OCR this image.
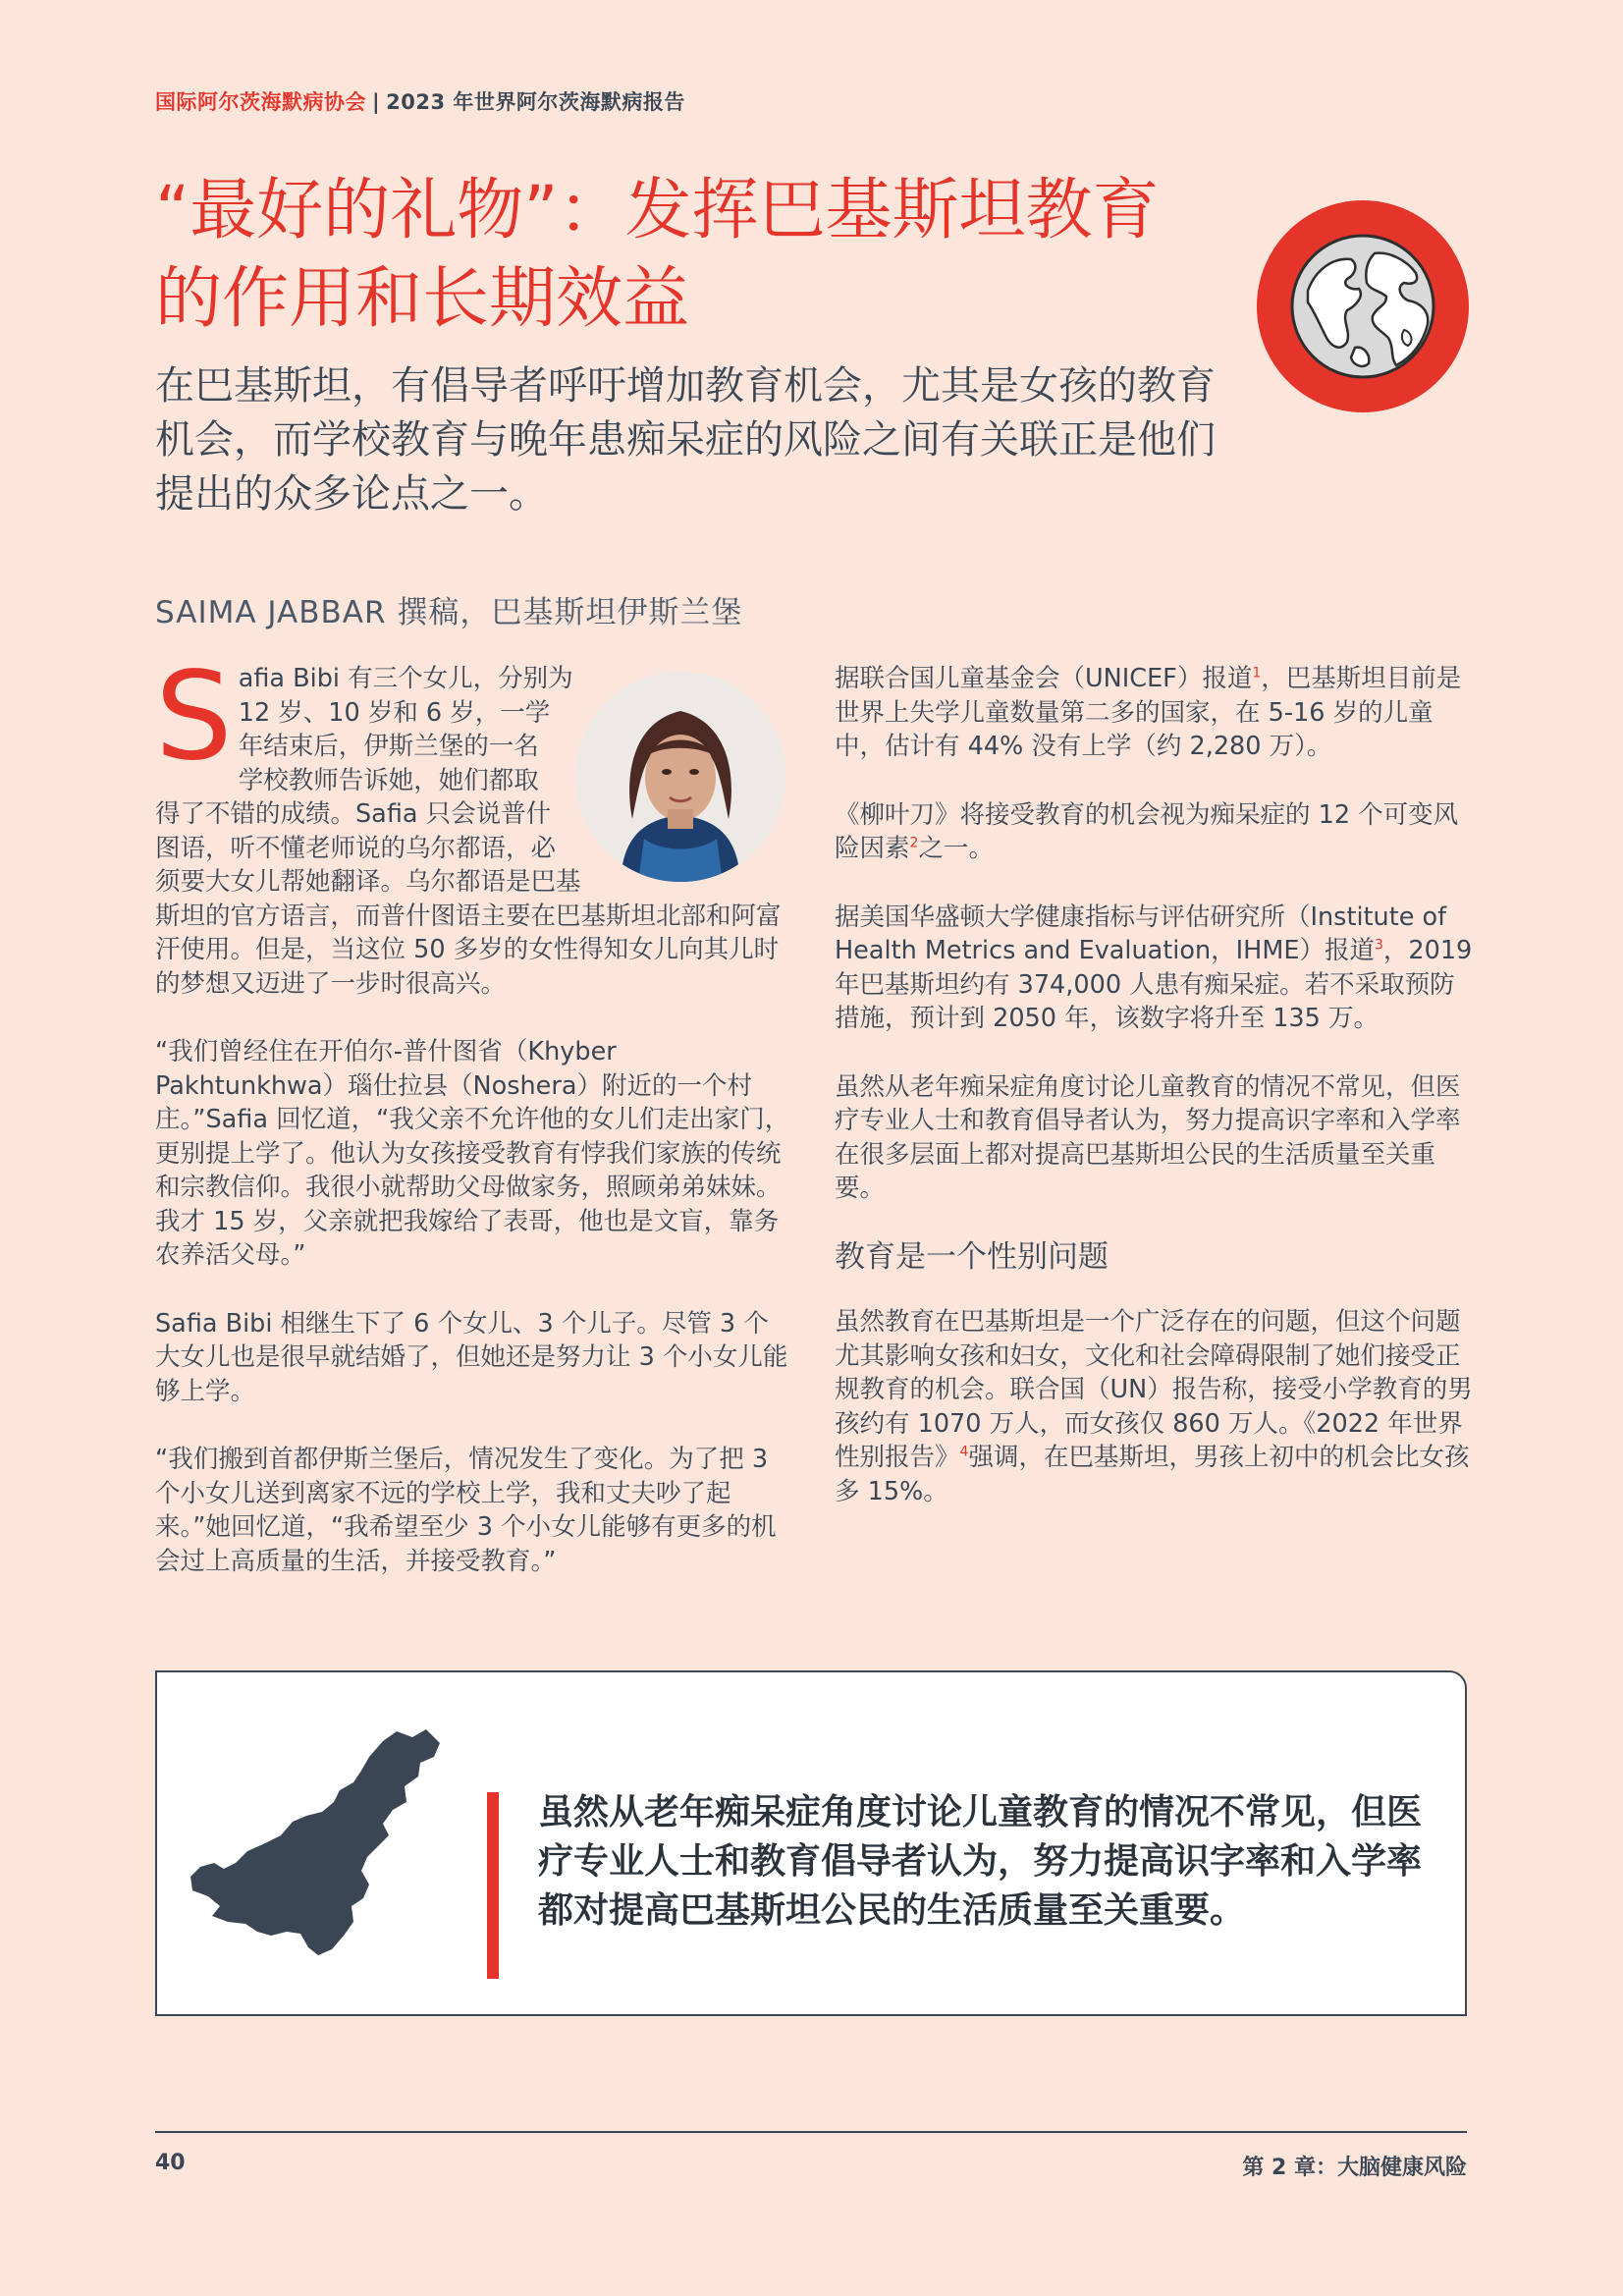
国际阿尔茨海默病协会 | 2023 年世界阿尔茨海默病报告
“最好的礼物”：发挥巴基斯坦教育的作用和长期效益
在巴基斯坦，有倡导者呼吁增加教育机会，尤其是女孩的教育机会，而学校教育与晚年患痴呆症的风险之间有关联正是他们提出的众多论点之一。
SAIMA JABBAR 撰稿，巴基斯坦伊斯兰堡

Safia Bibi 有三个女儿，分别为 12 岁、10 岁和 6 岁，一学年结束后，伊斯兰堡的一名学校教师告诉她，她们都取得了不错的成绩。Safia 只会说普什图语，听不懂老师说的乌尔都语，必须要大女儿帮她翻译。乌尔都语是巴基斯坦的官方语言，而普什图语主要在巴基斯坦北部和阿富汗使用。但是，当这位 50 多岁的女性得知女儿向其儿时的梦想又迈进了一步时很高兴。

“我们曾经住在开伯尔-普什图省（Khyber Pakhtunkhwa）瑙仕拉县（Noshera）附近的一个村庄。”Safia 回忆道，“我父亲不允许他的女儿们走出家门，更别提上学了。他认为女孩接受教育有悖我们家族的传统和宗教信仰。我很小就帮助父母做家务，照顾弟弟妹妹。我才 15 岁，父亲就把我嫁给了表哥，他也是文盲，靠务农养活父母。”

Safia Bibi 相继生下了 6 个女儿、3 个儿子。尽管 3 个大女儿也是很早就结婚了，但她还是努力让 3 个小女儿能够上学。

“我们搬到首都伊斯兰堡后，情况发生了变化。为了把 3 个小女儿送到离家不远的学校上学，我和丈夫吵了起来。”她回忆道，“我希望至少 3 个小女儿能够有更多的机会过上高质量的生活，并接受教育。”

据联合国儿童基金会（UNICEF）报道$^1$，巴基斯坦目前是世界上失学儿童数量第二多的国家，在 5-16 岁的儿童中，估计有 44% 没有上学（约 2,280 万）。

《柳叶刀》将接受教育的机会视为痴呆症的 12 个可变风险因素$^2$之一。

据美国华盛顿大学健康指标与评估研究所（Institute of Health Metrics and Evaluation，IHME）报道$^3$，2019 年巴基斯坦约有 374,000 人患有痴呆症。若不采取预防措施，预计到 2050 年，该数字将升至 135 万。

虽然从老年痴呆症角度讨论儿童教育的情况不常见，但医疗专业人士和教育倡导者认为，努力提高识字率和入学率在很多层面上都对提高巴基斯坦公民的生活质量至关重要。

教育是一个性别问题

虽然教育在巴基斯坦是一个广泛存在的问题，但这个问题尤其影响女孩和妇女，文化和社会障碍限制了她们接受正规教育的机会。联合国（UN）报告称，接受小学教育的男孩约有 1070 万人，而女孩仅 860 万人。《2022 年世界性别报告》$^4$强调，在巴基斯坦，男孩上初中的机会比女孩多 15%。

虽然从老年痴呆症角度讨论儿童教育的情况不常见，但医疗专业人士和教育倡导者认为，努力提高识字率和入学率都对提高巴基斯坦公民的生活质量至关重要。
40	第 2 章：大脑健康风险
